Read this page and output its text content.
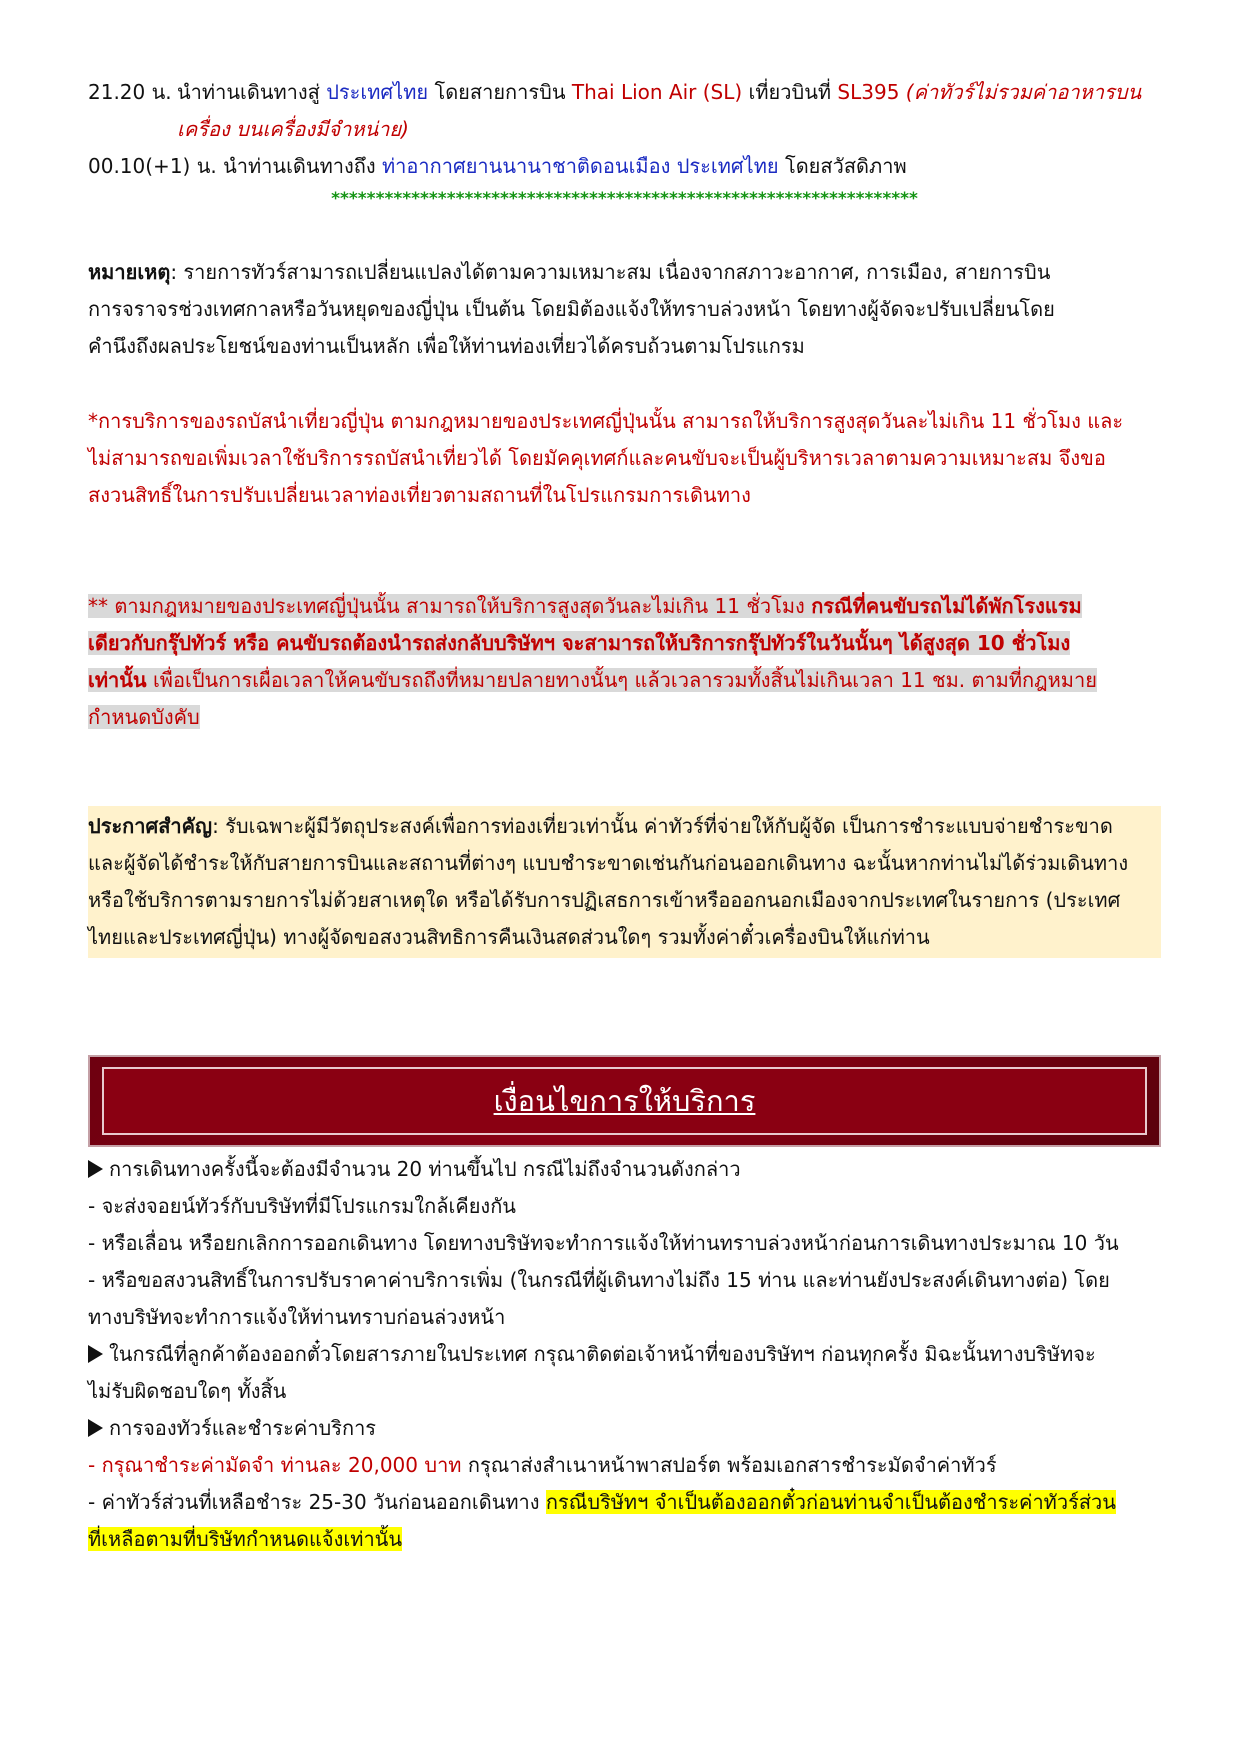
21.20 น. นำท่านเดินทางสู่ ประเทศไทย โดยสายการบิน Thai Lion Air (SL) เที่ยวบินที่ SL395 (ค่าทัวร์ไม่รวมค่าอาหารบน
เครื่อง บนเครื่องมีจำหน่าย)
00.10(+1) น. นำท่านเดินทางถึง ท่าอากาศยานนานาชาติดอนเมือง ประเทศไทย โดยสวัสดิภาพ
******************************************************************
หมายเหตุ: รายการทัวร์สามารถเปลี่ยนแปลงได้ตามความเหมาะสม เนื่องจากสภาวะอากาศ, การเมือง, สายการบิน
การจราจรช่วงเทศกาลหรือวันหยุดของญี่ปุ่น เป็นต้น โดยมิต้องแจ้งให้ทราบล่วงหน้า โดยทางผู้จัดจะปรับเปลี่ยนโดย
คำนึงถึงผลประโยชน์ของท่านเป็นหลัก เพื่อให้ท่านท่องเที่ยวได้ครบถ้วนตามโปรแกรม
*การบริการของรถบัสนำเที่ยวญี่ปุ่น ตามกฎหมายของประเทศญี่ปุ่นนั้น สามารถให้บริการสูงสุดวันละไม่เกิน 11 ชั่วโมง และ
ไม่สามารถขอเพิ่มเวลาใช้บริการรถบัสนำเที่ยวได้ โดยมัคคุเทศก์และคนขับจะเป็นผู้บริหารเวลาตามความเหมาะสม จึงขอ
สงวนสิทธิ์ในการปรับเปลี่ยนเวลาท่องเที่ยวตามสถานที่ในโปรแกรมการเดินทาง
** ตามกฎหมายของประเทศญี่ปุ่นนั้น สามารถให้บริการสูงสุดวันละไม่เกิน 11 ชั่วโมง กรณีที่คนขับรถไม่ได้พักโรงแรม
เดียวกับกรุ๊ปทัวร์ หรือ คนขับรถต้องนำรถส่งกลับบริษัทฯ จะสามารถให้บริการกรุ๊ปทัวร์ในวันนั้นๆ ได้สูงสุด 10 ชั่วโมง
เท่านั้น เพื่อเป็นการเผื่อเวลาให้คนขับรถถึงที่หมายปลายทางนั้นๆ แล้วเวลารวมทั้งสิ้นไม่เกินเวลา 11 ชม. ตามที่กฎหมาย
กำหนดบังคับ
ประกาศสำคัญ: รับเฉพาะผู้มีวัตถุประสงค์เพื่อการท่องเที่ยวเท่านั้น ค่าทัวร์ที่จ่ายให้กับผู้จัด เป็นการชำระแบบจ่ายชำระขาด
และผู้จัดได้ชำระให้กับสายการบินและสถานที่ต่างๆ แบบชำระขาดเช่นกันก่อนออกเดินทาง ฉะนั้นหากท่านไม่ได้ร่วมเดินทาง
หรือใช้บริการตามรายการไม่ด้วยสาเหตุใด หรือได้รับการปฏิเสธการเข้าหรือออกนอกเมืองจากประเทศในรายการ (ประเทศ
ไทยและประเทศญี่ปุ่น) ทางผู้จัดขอสงวนสิทธิการคืนเงินสดส่วนใดๆ รวมทั้งค่าตั๋วเครื่องบินให้แก่ท่าน
เงื่อนไขการให้บริการ
การเดินทางครั้งนี้จะต้องมีจำนวน 20 ท่านขึ้นไป กรณีไม่ถึงจำนวนดังกล่าว
- จะส่งจอยน์ทัวร์กับบริษัทที่มีโปรแกรมใกล้เคียงกัน
- หรือเลื่อน หรือยกเลิกการออกเดินทาง โดยทางบริษัทจะทำการแจ้งให้ท่านทราบล่วงหน้าก่อนการเดินทางประมาณ 10 วัน
- หรือขอสงวนสิทธิ์ในการปรับราคาค่าบริการเพิ่ม (ในกรณีที่ผู้เดินทางไม่ถึง 15 ท่าน และท่านยังประสงค์เดินทางต่อ) โดย
ทางบริษัทจะทำการแจ้งให้ท่านทราบก่อนล่วงหน้า
ในกรณีที่ลูกค้าต้องออกตั๋วโดยสารภายในประเทศ กรุณาติดต่อเจ้าหน้าที่ของบริษัทฯ ก่อนทุกครั้ง มิฉะนั้นทางบริษัทจะ
ไม่รับผิดชอบใดๆ ทั้งสิ้น
การจองทัวร์และชำระค่าบริการ
- กรุณาชำระค่ามัดจำ ท่านละ 20,000 บาท กรุณาส่งสำเนาหน้าพาสปอร์ต พร้อมเอกสารชำระมัดจำค่าทัวร์
- ค่าทัวร์ส่วนที่เหลือชำระ 25-30 วันก่อนออกเดินทาง กรณีบริษัทฯ จำเป็นต้องออกตั๋วก่อนท่านจำเป็นต้องชำระค่าทัวร์ส่วน
ที่เหลือตามที่บริษัทกำหนดแจ้งเท่านั้น
